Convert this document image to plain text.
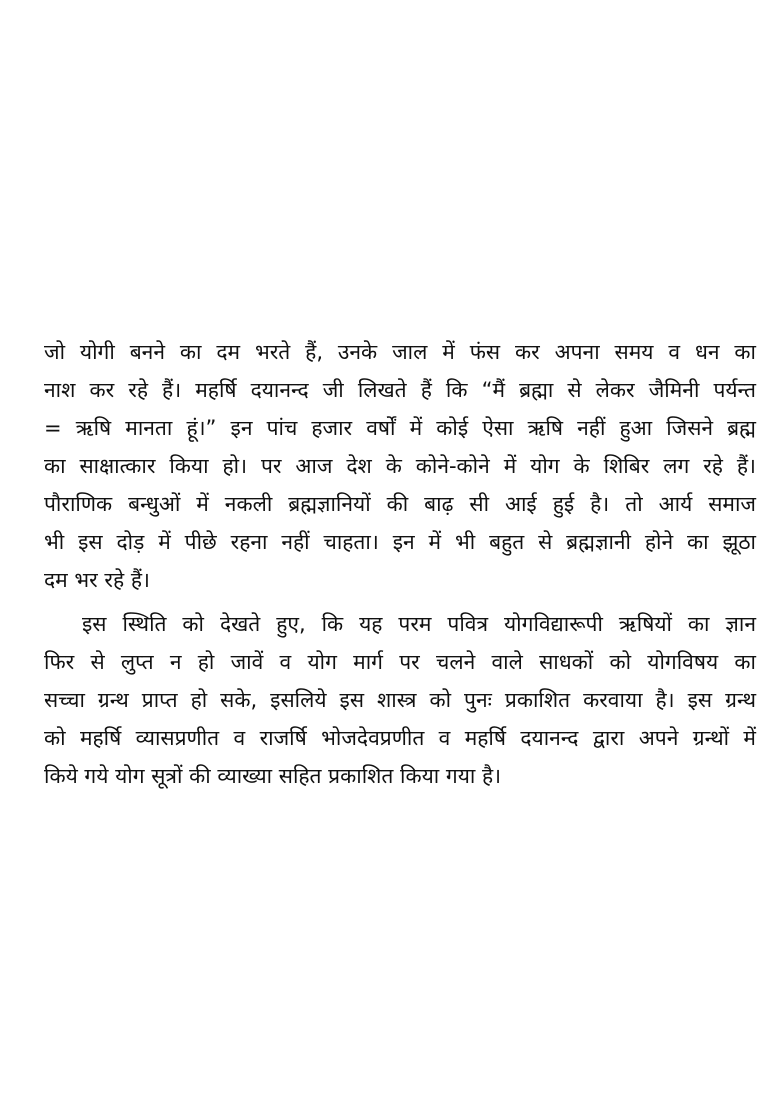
जो योगी बनने का दम भरते हैं, उनके जाल में फंस कर अपना समय व धन का
नाश कर रहे हैं। महर्षि दयानन्द जी लिखते हैं कि “मैं ब्रह्मा से लेकर जैमिनी पर्यन्त
= ऋषि मानता हूं।” इन पांच हजार वर्षों में कोई ऐसा ऋषि नहीं हुआ जिसने ब्रह्म
का साक्षात्कार किया हो। पर आज देश के कोने-कोने में योग के शिबिर लग रहे हैं।
पौराणिक बन्धुओं में नकली ब्रह्मज्ञानियों की बाढ़ सी आई हुई है। तो आर्य समाज
भी इस दोड़ में पीछे रहना नहीं चाहता। इन में भी बहुत से ब्रह्मज्ञानी होने का झूठा
दम भर रहे हैं।

इस स्थिति को देखते हुए, कि यह परम पवित्र योगविद्यारूपी ऋषियों का ज्ञान
फिर से लुप्त न हो जावें व योग मार्ग पर चलने वाले साधकों को योगविषय का
सच्चा ग्रन्थ प्राप्त हो सके, इसलिये इस शास्त्र को पुनः प्रकाशित करवाया है। इस ग्रन्थ
को महर्षि व्यासप्रणीत व राजर्षि भोजदेवप्रणीत व महर्षि दयानन्द द्वारा अपने ग्रन्थों में
किये गये योग सूत्रों की व्याख्या सहित प्रकाशित किया गया है।
